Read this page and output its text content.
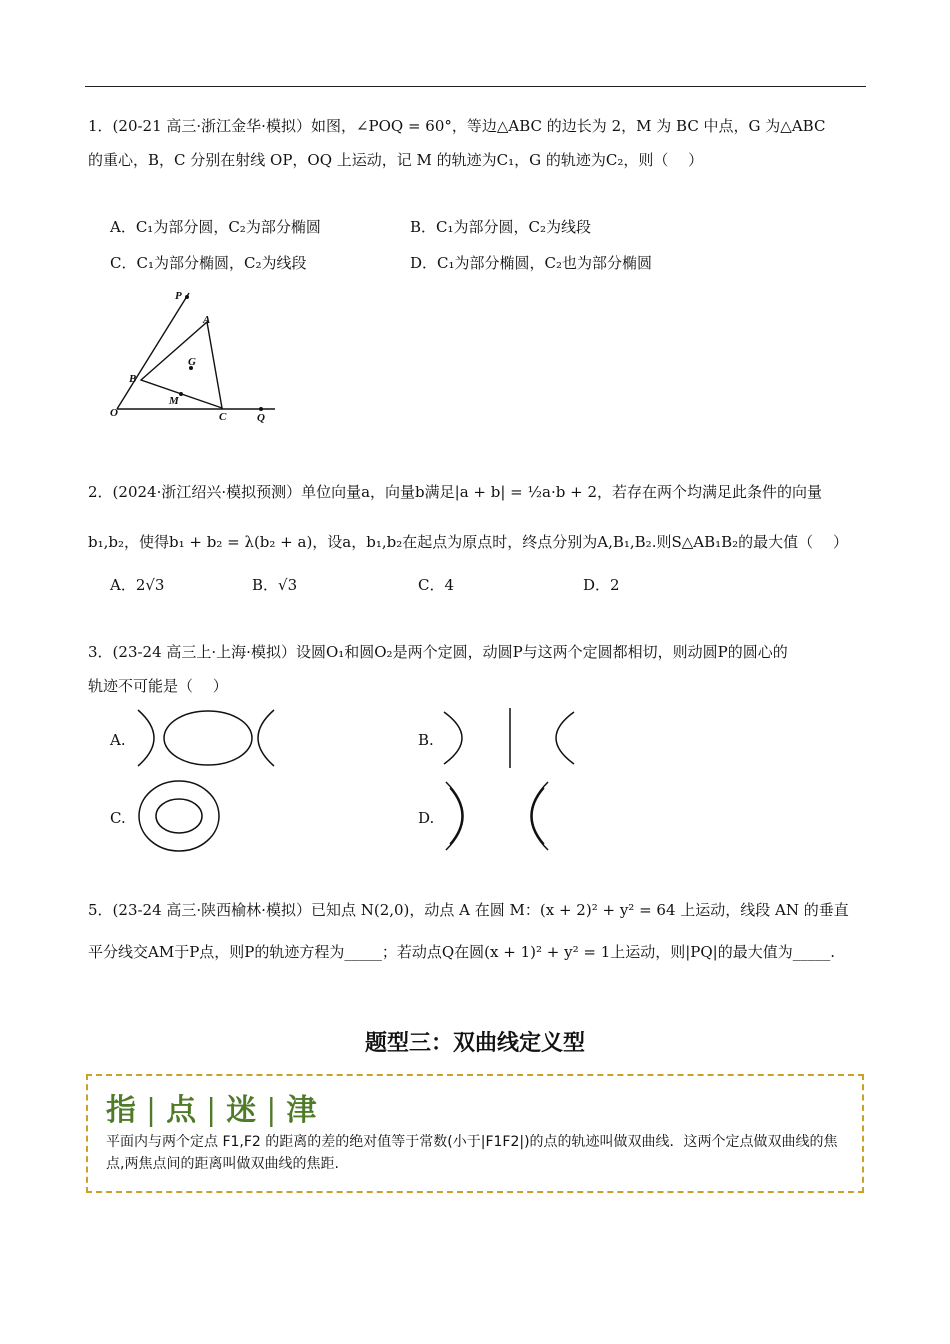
1．(20-21 高三·浙江金华·模拟）如图，∠POQ = 60°，等边△ABC 的边长为 2，M 为 BC 中点，G 为△ABC
的重心，B，C 分别在射线 OP，OQ 上运动，记 M 的轨迹为C₁，G 的轨迹为C₂，则（　 ）
A．C₁为部分圆，C₂为部分椭圆	B．C₁为部分圆，C₂为线段
C．C₁为部分椭圆，C₂为线段	D．C₁为部分椭圆，C₂也为部分椭圆
P
A
G
B
M
O	C	Q
2．(2024·浙江绍兴·模拟预测）单位向量a，向量b满足|a + b| = ½a·b + 2，若存在两个均满足此条件的向量
b₁,b₂，使得b₁ + b₂ = λ(b₂ + a)，设a，b₁,b₂在起点为原点时，终点分别为A,B₁,B₂.则S△AB₁B₂的最大值（　 ）
A．2√3	B．√3	C．4	D．2
3．(23-24 高三上·上海·模拟）设圆O₁和圆O₂是两个定圆，动圆P与这两个定圆都相切，则动圆P的圆心的
轨迹不可能是（　 ）
A.	B.
C.	D.
5．(23-24 高三·陕西榆林·模拟）已知点 N(2,0)，动点 A 在圆 M：(x + 2)² + y² = 64 上运动，线段 AN 的垂直
平分线交AM于P点，则P的轨迹方程为_____；若动点Q在圆(x + 1)² + y² = 1上运动，则|PQ|的最大值为_____.
题型三：双曲线定义型
指 | 点 | 迷 | 津
平面内与两个定点 F1,F2 的距离的差的绝对值等于常数(小于|F1F2|)的点的轨迹叫做双曲线．这两个定点做双曲线的焦点,两焦点间的距离叫做双曲线的焦距.
